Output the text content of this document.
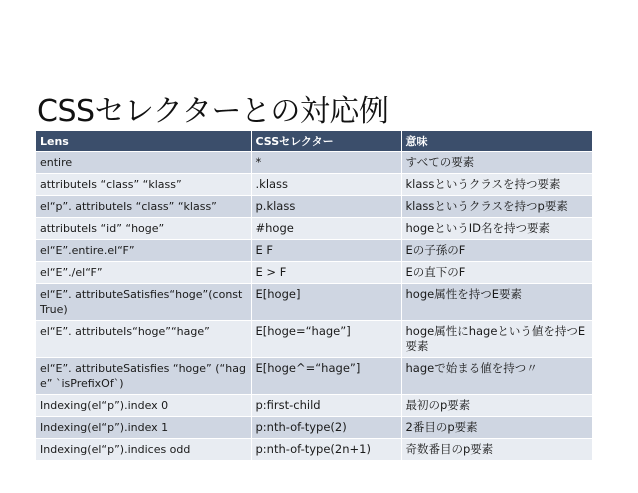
CSSセレクターとの対応例
Lens	CSSセレクター	意味
entire	*	すべての要素
attributeIs “class” “klass”	.klass	klassというクラスを持つ要素
el“p”. attributeIs “class” “klass”	p.klass	klassというクラスを持つp要素
attributeIs “id” “hoge”	#hoge	hogeというID名を持つ要素
el“E”.entire.el“F”	E F	Eの子孫のF
el“E”./el“F”	E > F	Eの直下のF
el“E”. attributeSatisfies“hoge”(const True)	E[hoge]	hoge属性を持つE要素
el“E”. attributeIs“hoge”“hage”	E[hoge=“hage”]	hoge属性にhageという値を持つE要素
el“E”. attributeSatisfies “hoge” (“hage” `isPrefixOf`)	E[hoge^=“hage”]	hageで始まる値を持つ〃
Indexing(el“p”).index 0	p:first-child	最初のp要素
Indexing(el“p”).index 1	p:nth-of-type(2)	2番目のp要素
Indexing(el“p”).indices odd	p:nth-of-type(2n+1)	奇数番目のp要素
